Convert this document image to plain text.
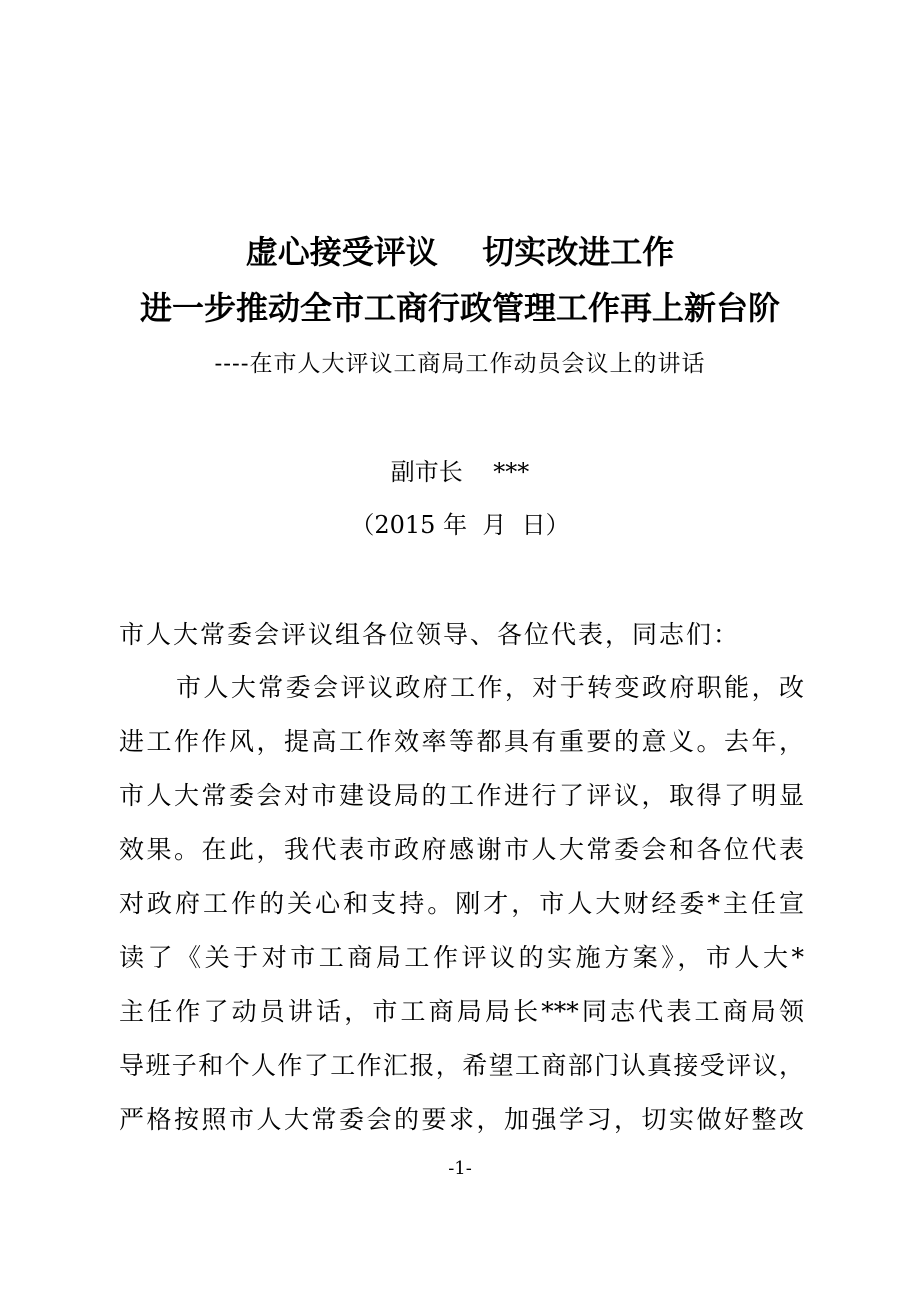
虚心接受评议    切实改进工作
进一步推动全市工商行政管理工作再上新台阶
----在市人大评议工商局工作动员会议上的讲话
副市长    ***
（2015 年  月  日）
市人大常委会评议组各位领导、各位代表，同志们：
市人大常委会评议政府工作，对于转变政府职能，改
进工作作风，提高工作效率等都具有重要的意义。去年，
市人大常委会对市建设局的工作进行了评议，取得了明显
效果。在此，我代表市政府感谢市人大常委会和各位代表
对政府工作的关心和支持。刚才，市人大财经委*主任宣
读了《关于对市工商局工作评议的实施方案》，市人大*
主任作了动员讲话，市工商局局长***同志代表工商局领
导班子和个人作了工作汇报，希望工商部门认真接受评议，
严格按照市人大常委会的要求，加强学习，切实做好整改
-1-
